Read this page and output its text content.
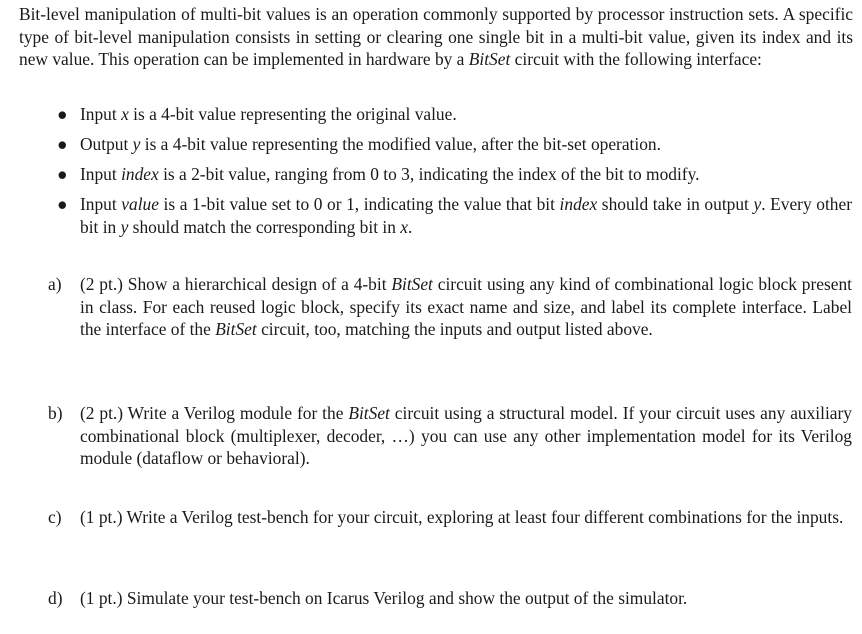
Bit-level manipulation of multi-bit values is an operation commonly supported by processor instruction sets. A specific type of bit-level manipulation consists in setting or clearing one single bit in a multi-bit value, given its index and its new value. This operation can be implemented in hardware by a BitSet circuit with the following interface:

● Input x is a 4-bit value representing the original value.
● Output y is a 4-bit value representing the modified value, after the bit-set operation.
● Input index is a 2-bit value, ranging from 0 to 3, indicating the index of the bit to modify.
● Input value is a 1-bit value set to 0 or 1, indicating the value that bit index should take in output y. Every other bit in y should match the corresponding bit in x.
a) (2 pt.) Show a hierarchical design of a 4-bit BitSet circuit using any kind of combinational logic block present in class. For each reused logic block, specify its exact name and size, and label its complete interface. Label the interface of the BitSet circuit, too, matching the inputs and output listed above.
b) (2 pt.) Write a Verilog module for the BitSet circuit using a structural model. If your circuit uses any auxiliary combinational block (multiplexer, decoder, …) you can use any other implementation model for its Verilog module (dataflow or behavioral).
c) (1 pt.) Write a Verilog test-bench for your circuit, exploring at least four different combinations for the inputs.
d) (1 pt.) Simulate your test-bench on Icarus Verilog and show the output of the simulator.
